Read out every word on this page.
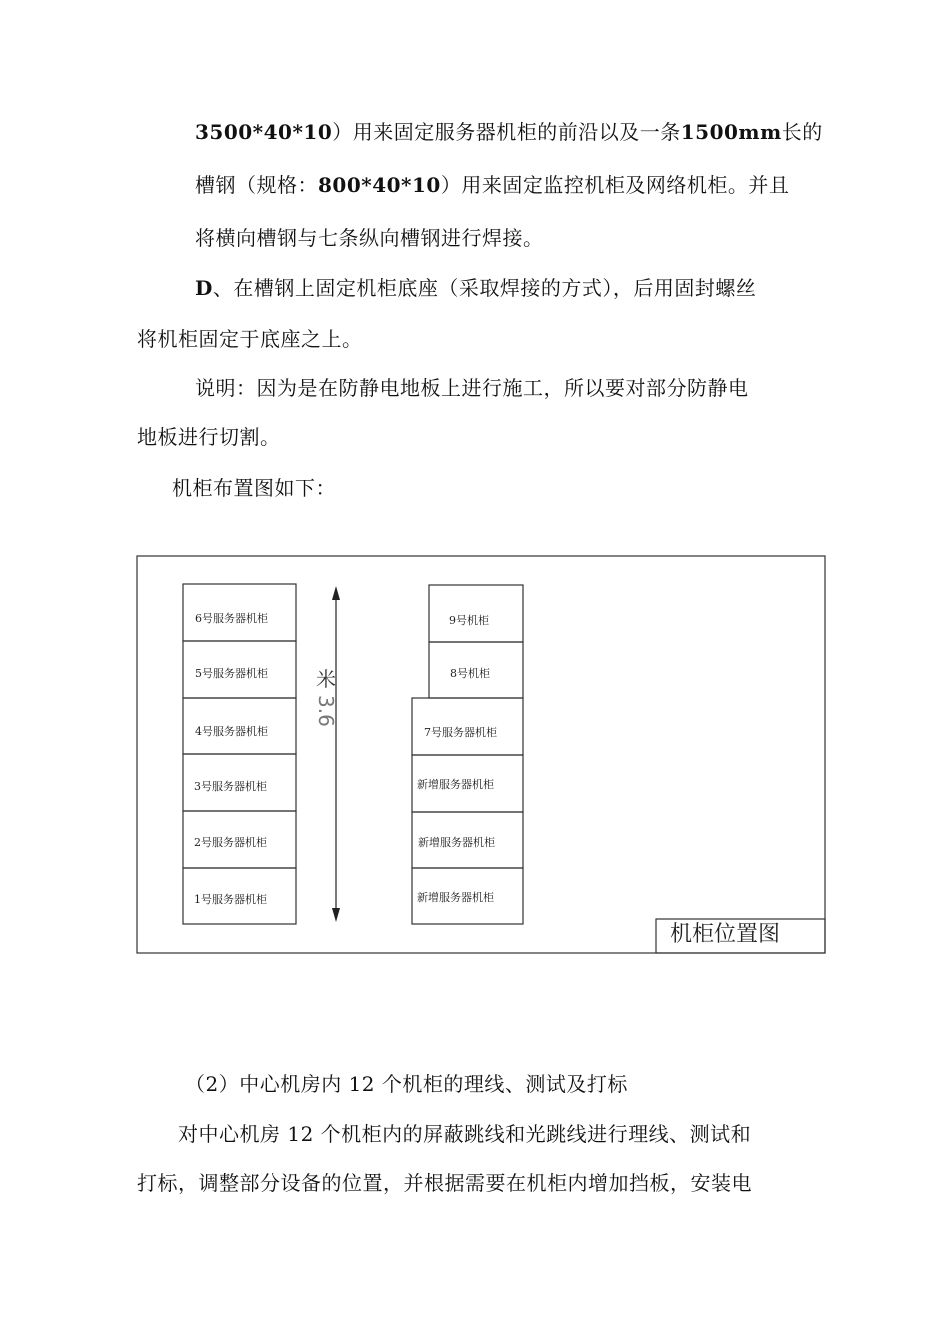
3500*40*10）用来固定服务器机柜的前沿以及一条1500mm长的
槽钢（规格：800*40*10）用来固定监控机柜及网络机柜。并且
将横向槽钢与七条纵向槽钢进行焊接。
D、在槽钢上固定机柜底座（采取焊接的方式），后用固封螺丝
将机柜固定于底座之上。
说明：因为是在防静电地板上进行施工，所以要对部分防静电
地板进行切割。
机柜布置图如下：
机柜位置图
6号服务器机柜
5号服务器机柜
4号服务器机柜
3号服务器机柜
2号服务器机柜
1号服务器机柜
3.6
米
9号机柜
8号机柜
7号服务器机柜
新增服务器机柜
新增服务器机柜
新增服务器机柜
（2）中心机房内 12 个机柜的理线、测试及打标
对中心机房 12 个机柜内的屏蔽跳线和光跳线进行理线、测试和
打标，调整部分设备的位置，并根据需要在机柜内增加挡板，安装电
